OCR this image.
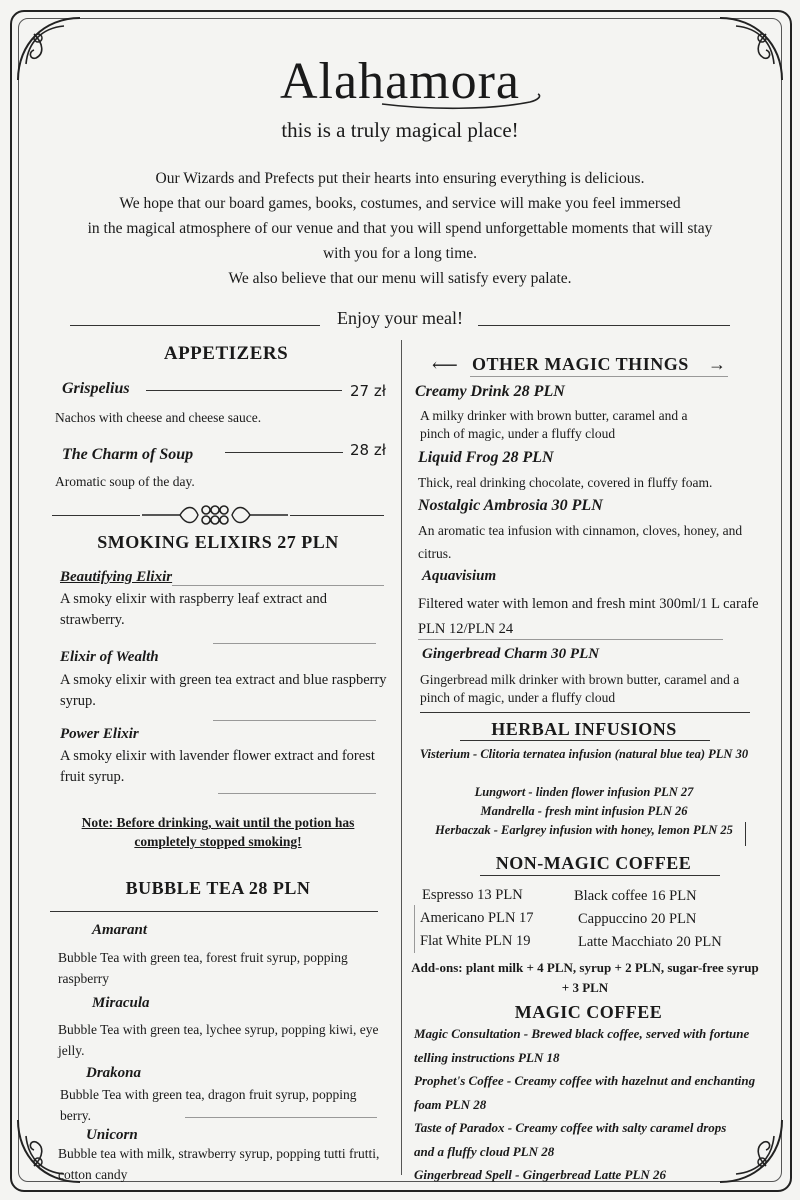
Alahamora
this is a truly magical place!
Our Wizards and Prefects put their hearts into ensuring everything is delicious.
We hope that our board games, books, costumes, and service will make you feel immersed
in the magical atmosphere of our venue and that you will spend unforgettable moments that will stay
with you for a long time.
We also believe that our menu will satisfy every palate.
Enjoy your meal!
APPETIZERS
Grispelius	27 zł
Nachos with cheese and cheese sauce.
The Charm of Soup	28 zł
Aromatic soup of the day.
SMOKING ELIXIRS 27 PLN
Beautifying Elixir
A smoky elixir with raspberry leaf extract and strawberry.
Elixir of Wealth
A smoky elixir with green tea extract and blue raspberry syrup.
Power Elixir
A smoky elixir with lavender flower extract and forest fruit syrup.
Note: Before drinking, wait until the potion has completely stopped smoking!
BUBBLE TEA 28 PLN
Amarant
Bubble Tea with green tea, forest fruit syrup, popping raspberry
Miracula
Bubble Tea with green tea, lychee syrup, popping kiwi, eye jelly.
Drakona
Bubble Tea with green tea, dragon fruit syrup, popping berry.
Unicorn
Bubble tea with milk, strawberry syrup, popping tutti frutti, cotton candy
⟵ OTHER MAGIC THINGS →
Creamy Drink 28 PLN
A milky drinker with brown butter, caramel and a pinch of magic, under a fluffy cloud
Liquid Frog 28 PLN
Thick, real drinking chocolate, covered in fluffy foam.
Nostalgic Ambrosia 30 PLN
An aromatic tea infusion with cinnamon, cloves, honey, and citrus.
Aquavisium
Filtered water with lemon and fresh mint 300ml/1 L carafe PLN 12/PLN 24
Gingerbread Charm 30 PLN
Gingerbread milk drinker with brown butter, caramel and a pinch of magic, under a fluffy cloud
HERBAL INFUSIONS
Visterium - Clitoria ternatea infusion (natural blue tea) PLN 30
Lungwort - linden flower infusion PLN 27
Mandrella - fresh mint infusion PLN 26
Herbaczak - Earlgrey infusion with honey, lemon PLN 25
NON-MAGIC COFFEE
Espresso 13 PLN
Americano PLN 17
Flat White PLN 19
Black coffee 16 PLN
Cappuccino 20 PLN
Latte Macchiato 20 PLN
Add-ons: plant milk + 4 PLN, syrup + 2 PLN, sugar-free syrup + 3 PLN
MAGIC COFFEE
Magic Consultation - Brewed black coffee, served with fortune telling instructions PLN 18
Prophet's Coffee - Creamy coffee with hazelnut and enchanting foam PLN 28
Taste of Paradox - Creamy coffee with salty caramel drops and a fluffy cloud PLN 28
Gingerbread Spell - Gingerbread Latte PLN 26
